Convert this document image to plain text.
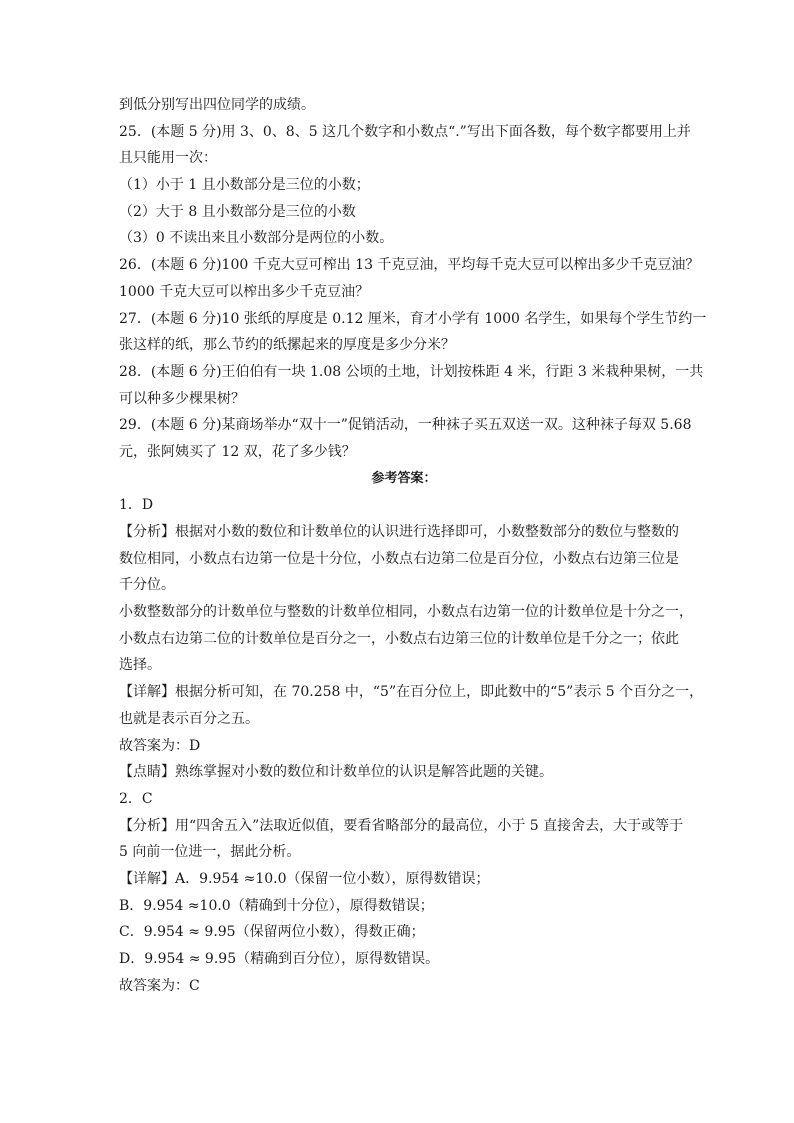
到低分别写出四位同学的成绩。
25．(本题 5 分)用 3、0、8、5 这几个数字和小数点“.”写出下面各数，每个数字都要用上并
且只能用一次：
（1）小于 1 且小数部分是三位的小数；
（2）大于 8 且小数部分是三位的小数
（3）0 不读出来且小数部分是两位的小数。
26．(本题 6 分)100 千克大豆可榨出 13 千克豆油，平均每千克大豆可以榨出多少千克豆油？
1000 千克大豆可以榨出多少千克豆油？
27．(本题 6 分)10 张纸的厚度是 0.12 厘米，育才小学有 1000 名学生，如果每个学生节约一
张这样的纸，那么节约的纸摞起来的厚度是多少分米？
28．(本题 6 分)王伯伯有一块 1.08 公顷的土地，计划按株距 4 米，行距 3 米栽种果树，一共
可以种多少棵果树？
29．(本题 6 分)某商场举办“双十一”促销活动，一种袜子买五双送一双。这种袜子每双 5.68
元，张阿姨买了 12 双，花了多少钱？
参考答案：
1．D
【分析】根据对小数的数位和计数单位的认识进行选择即可，小数整数部分的数位与整数的
数位相同，小数点右边第一位是十分位，小数点右边第二位是百分位，小数点右边第三位是
千分位。
小数整数部分的计数单位与整数的计数单位相同，小数点右边第一位的计数单位是十分之一，
小数点右边第二位的计数单位是百分之一，小数点右边第三位的计数单位是千分之一；依此
选择。
【详解】根据分析可知，在 70.258 中，“5”在百分位上，即此数中的“5”表示 5 个百分之一，
也就是表示百分之五。
故答案为：D
【点睛】熟练掌握对小数的数位和计数单位的认识是解答此题的关键。
2．C
【分析】用“四舍五入”法取近似值，要看省略部分的最高位，小于 5 直接舍去，大于或等于
5 向前一位进一，据此分析。
【详解】A．9.954 ≈10.0（保留一位小数），原得数错误；
B．9.954 ≈10.0（精确到十分位），原得数错误；
C．9.954 ≈ 9.95（保留两位小数），得数正确；
D．9.954 ≈ 9.95（精确到百分位），原得数错误。
故答案为：C
